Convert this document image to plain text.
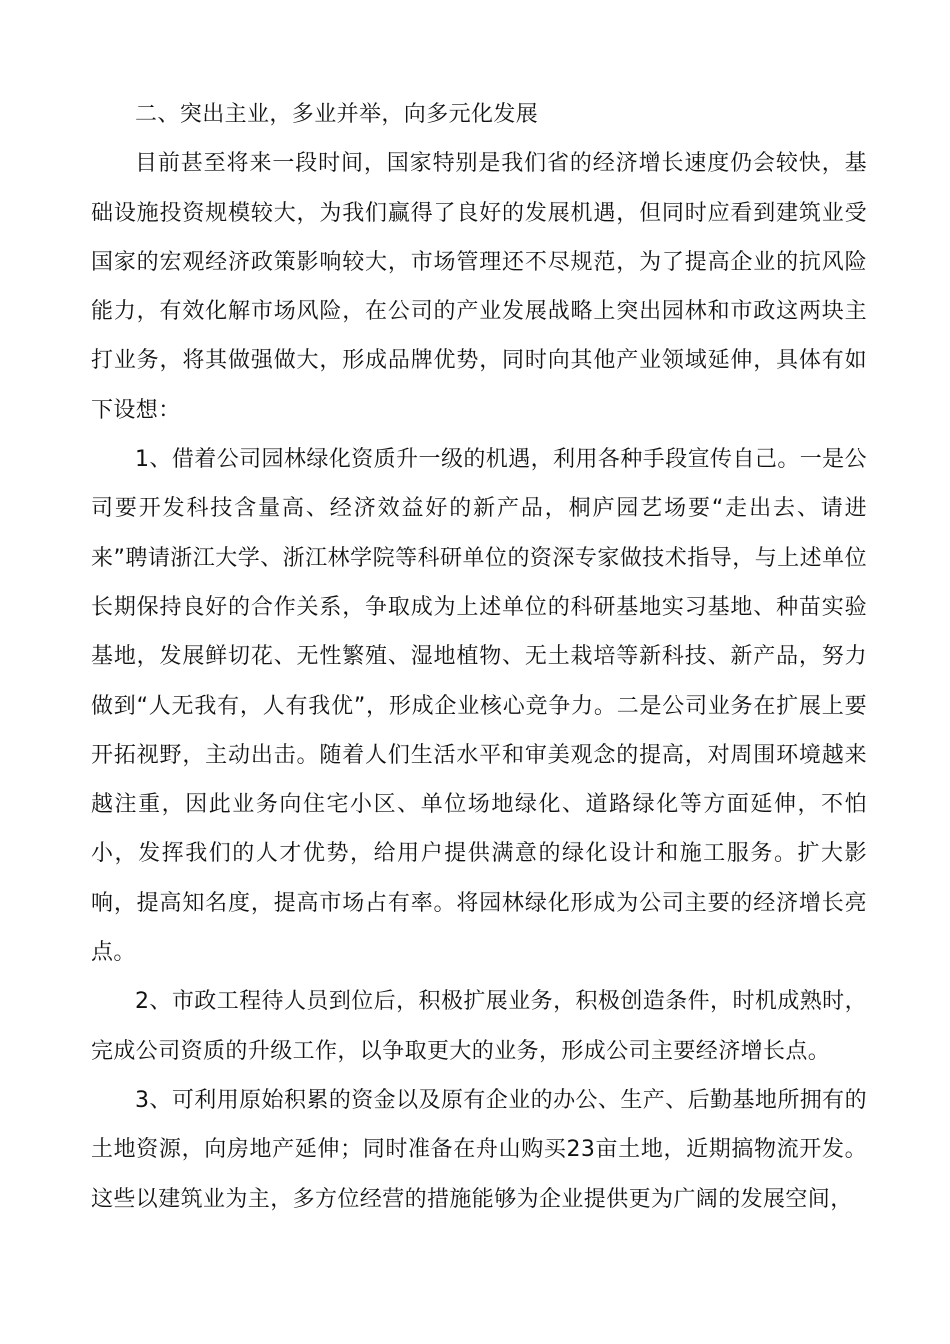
二、突出主业，多业并举，向多元化发展

目前甚至将来一段时间，国家特别是我们省的经济增长速度仍会较快，基础设施投资规模较大，为我们赢得了良好的发展机遇，但同时应看到建筑业受国家的宏观经济政策影响较大，市场管理还不尽规范，为了提高企业的抗风险能力，有效化解市场风险，在公司的产业发展战略上突出园林和市政这两块主打业务，将其做强做大，形成品牌优势，同时向其他产业领域延伸，具体有如下设想：

1、借着公司园林绿化资质升一级的机遇，利用各种手段宣传自己。一是公司要开发科技含量高、经济效益好的新产品，桐庐园艺场要“走出去、请进来”聘请浙江大学、浙江林学院等科研单位的资深专家做技术指导，与上述单位长期保持良好的合作关系，争取成为上述单位的科研基地实习基地、种苗实验基地，发展鲜切花、无性繁殖、湿地植物、无土栽培等新科技、新产品，努力做到“人无我有，人有我优”，形成企业核心竞争力。二是公司业务在扩展上要开拓视野，主动出击。随着人们生活水平和审美观念的提高，对周围环境越来越注重，因此业务向住宅小区、单位场地绿化、道路绿化等方面延伸，不怕小，发挥我们的人才优势，给用户提供满意的绿化设计和施工服务。扩大影响，提高知名度，提高市场占有率。将园林绿化形成为公司主要的经济增长亮点。

2、市政工程待人员到位后，积极扩展业务，积极创造条件，时机成熟时，完成公司资质的升级工作，以争取更大的业务，形成公司主要经济增长点。

3、可利用原始积累的资金以及原有企业的办公、生产、后勤基地所拥有的土地资源，向房地产延伸；同时准备在舟山购买23亩土地，近期搞物流开发。这些以建筑业为主，多方位经营的措施能够为企业提供更为广阔的发展空间，
